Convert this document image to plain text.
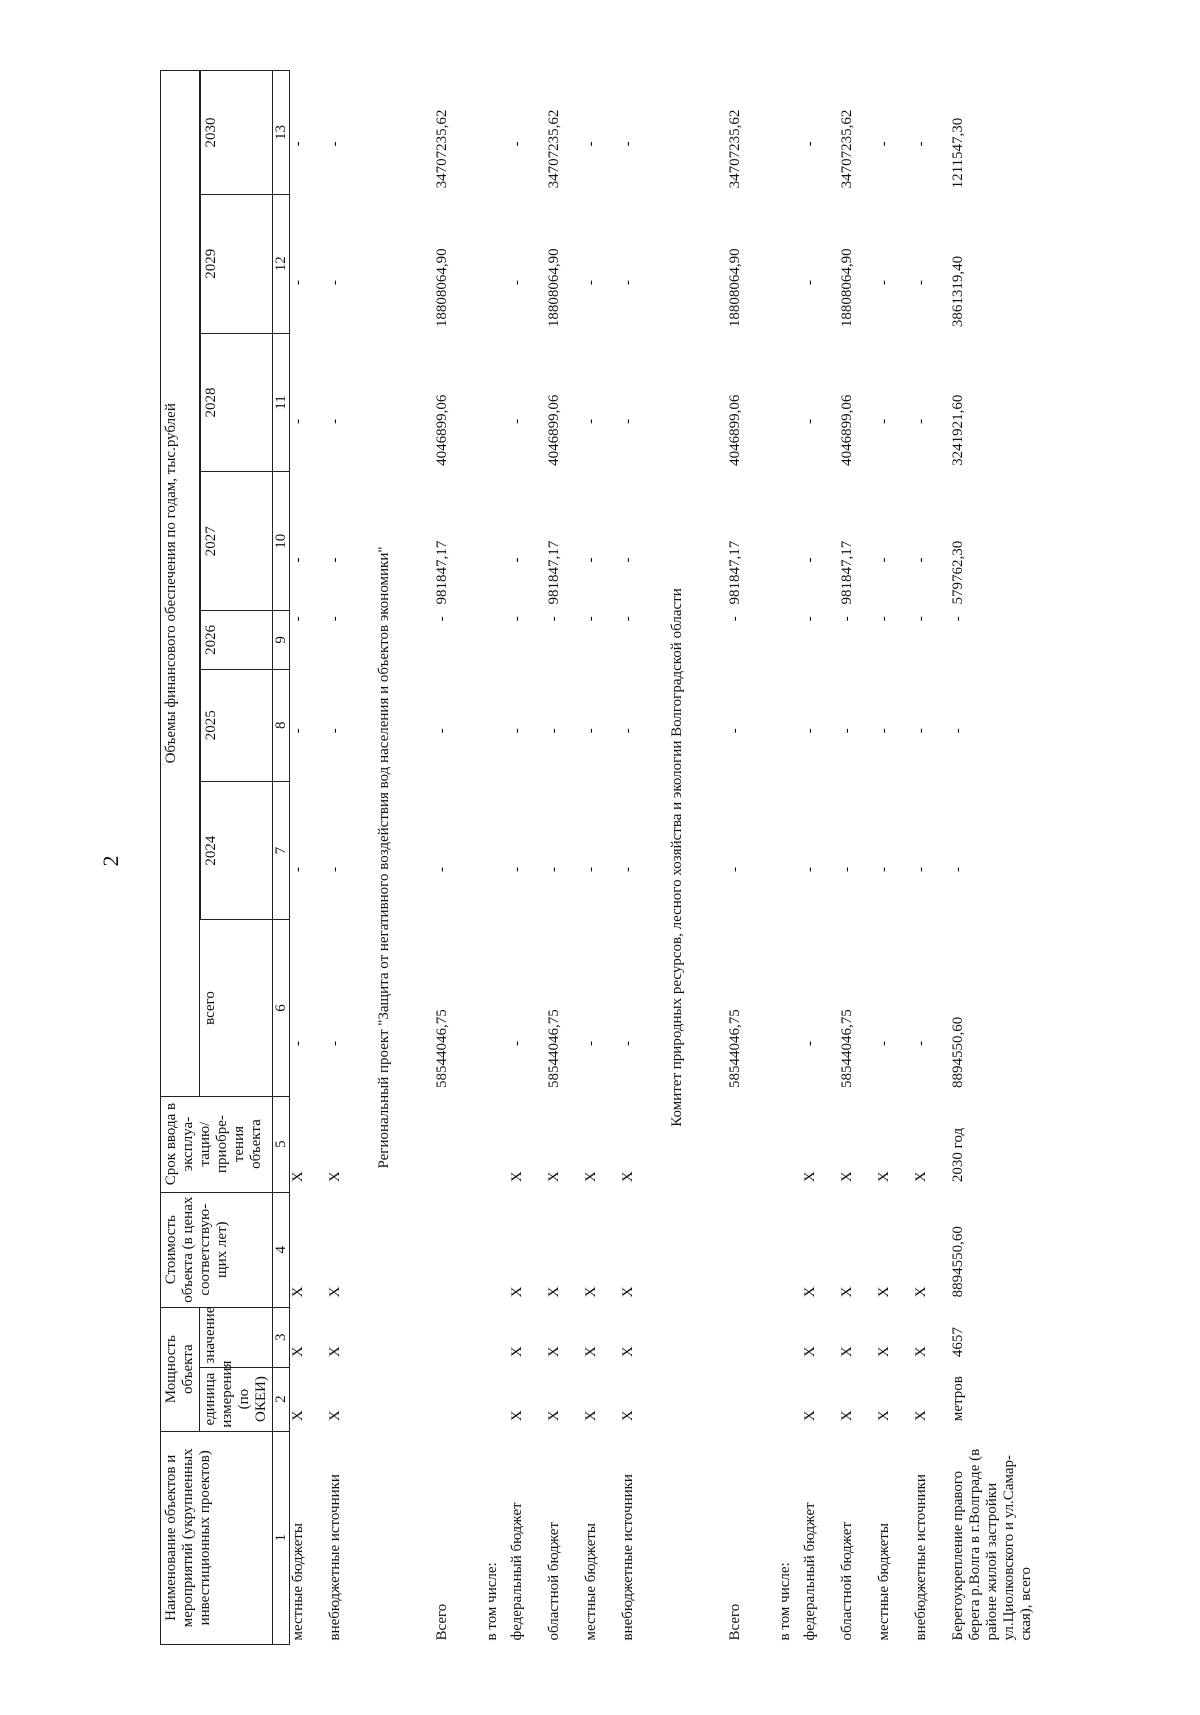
2
Наименование объектов и мероприятий (укрупненных инвестиционных проектов)	Мощность объекта		Стоимость объекта (в ценах соответствую-щих лет)	Срок ввода в эксплуа-тацию/ приобре-тения объекта	Объемы финансового обеспечения по годам, тыс.рублей							
	единица измерения (по ОКЕИ)	значение			всего							
						2024	2025	2026	2027	2028	2029	2030
1	2	3	4	5	6	7	8	9	10	11	12	13
местные бюджеты	X	X	X	X	-	-	-	-	-	-	-	-
внебюджетные источники	X	X	X	X	-	-	-	-	-	-	-	-
Региональный проект "Защита от негативного воздействия вод населения и объектов экономики"												
Всего					58544046,75	-	-	-	981847,17	4046899,06	18808064,90	34707235,62
в том числе:												
федеральный бюджет	X	X	X	X	-	-	-	-	-	-	-	-
областной бюджет	X	X	X	X	58544046,75	-	-	-	981847,17	4046899,06	18808064,90	34707235,62
местные бюджеты	X	X	X	X	-	-	-	-	-	-	-	-
внебюджетные источники	X	X	X	X	-	-	-	-	-	-	-	-
Комитет природных ресурсов, лесного хозяйства и экологии Волгоградской области												
Всего					58544046,75	-	-	-	981847,17	4046899,06	18808064,90	34707235,62
в том числе:												
федеральный бюджет	X	X	X	X	-	-	-	-	-	-	-	-
областной бюджет	X	X	X	X	58544046,75	-	-	-	981847,17	4046899,06	18808064,90	34707235,62
местные бюджеты	X	X	X	X	-	-	-	-	-	-	-	-
внебюджетные источники	X	X	X	X	-	-	-	-	-	-	-	-
Берегоукрепление правого берега р.Волга в г.Волграде (в районе жилой застройки ул.Циолковского и ул.Самар-ская), всего	метров	4657	8894550,60	2030 год	8894550,60	-	-	-	579762,30	3241921,60	3861319,40	1211547,30
